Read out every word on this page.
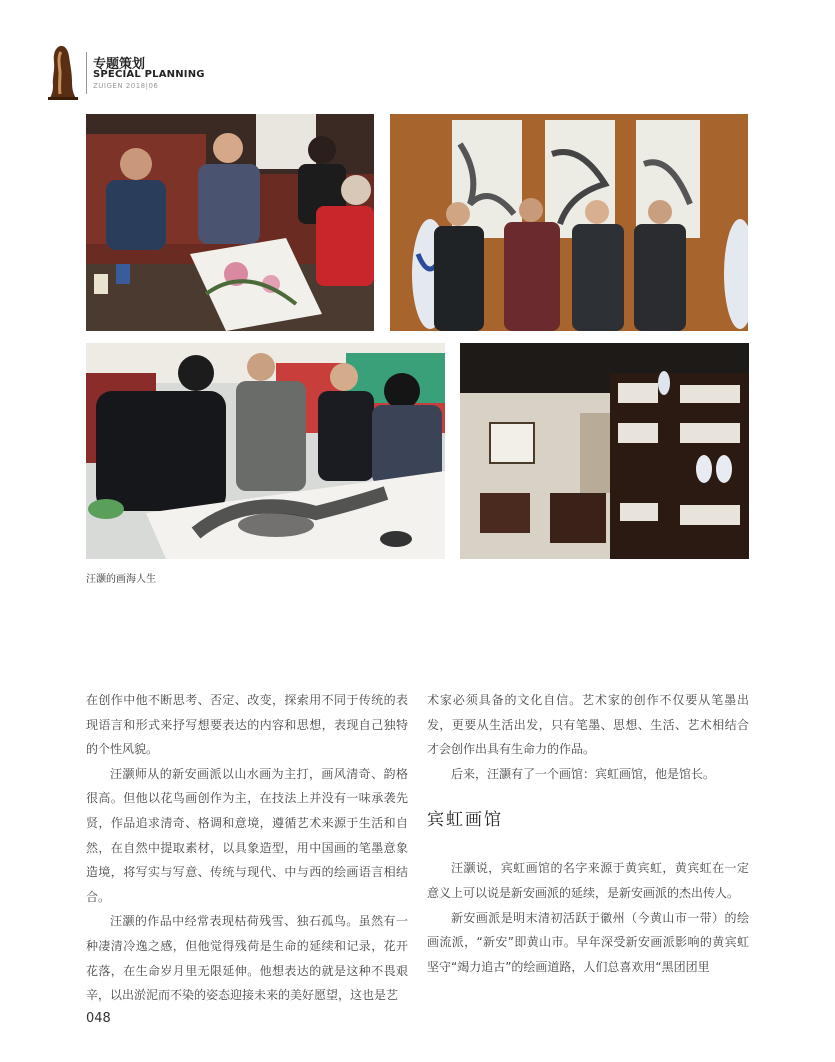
专题策划
SPECIAL PLANNING
ZUIGEN 2018|06
汪灏的画海人生

在创作中他不断思考、否定、改变，探索用不同于传统的表现语言和形式来抒写想要表达的内容和思想，表现自己独特的个性风貌。

汪灏师从的新安画派以山水画为主打，画风清奇、韵格很高。但他以花鸟画创作为主，在技法上并没有一味承袭先贤，作品追求清奇、格调和意境，遵循艺术来源于生活和自然，在自然中提取素材，以具象造型，用中国画的笔墨意象造境，将写实与写意、传统与现代、中与西的绘画语言相结合。

汪灏的作品中经常表现枯荷残雪、独石孤鸟。虽然有一种凄清冷逸之感，但他觉得残荷是生命的延续和记录，花开花落，在生命岁月里无限延伸。他想表达的就是这种不畏艰辛，以出淤泥而不染的姿态迎接未来的美好愿望，这也是艺

术家必须具备的文化自信。艺术家的创作不仅要从笔墨出发，更要从生活出发，只有笔墨、思想、生活、艺术相结合才会创作出具有生命力的作品。

后来，汪灏有了一个画馆：宾虹画馆，他是馆长。

宾虹画馆

汪灏说，宾虹画馆的名字来源于黄宾虹，黄宾虹在一定意义上可以说是新安画派的延续，是新安画派的杰出传人。

新安画派是明末清初活跃于徽州（今黄山市一带）的绘画流派，“新安”即黄山市。早年深受新安画派影响的黄宾虹坚守“竭力追古”的绘画道路，人们总喜欢用“黑团团里

048
